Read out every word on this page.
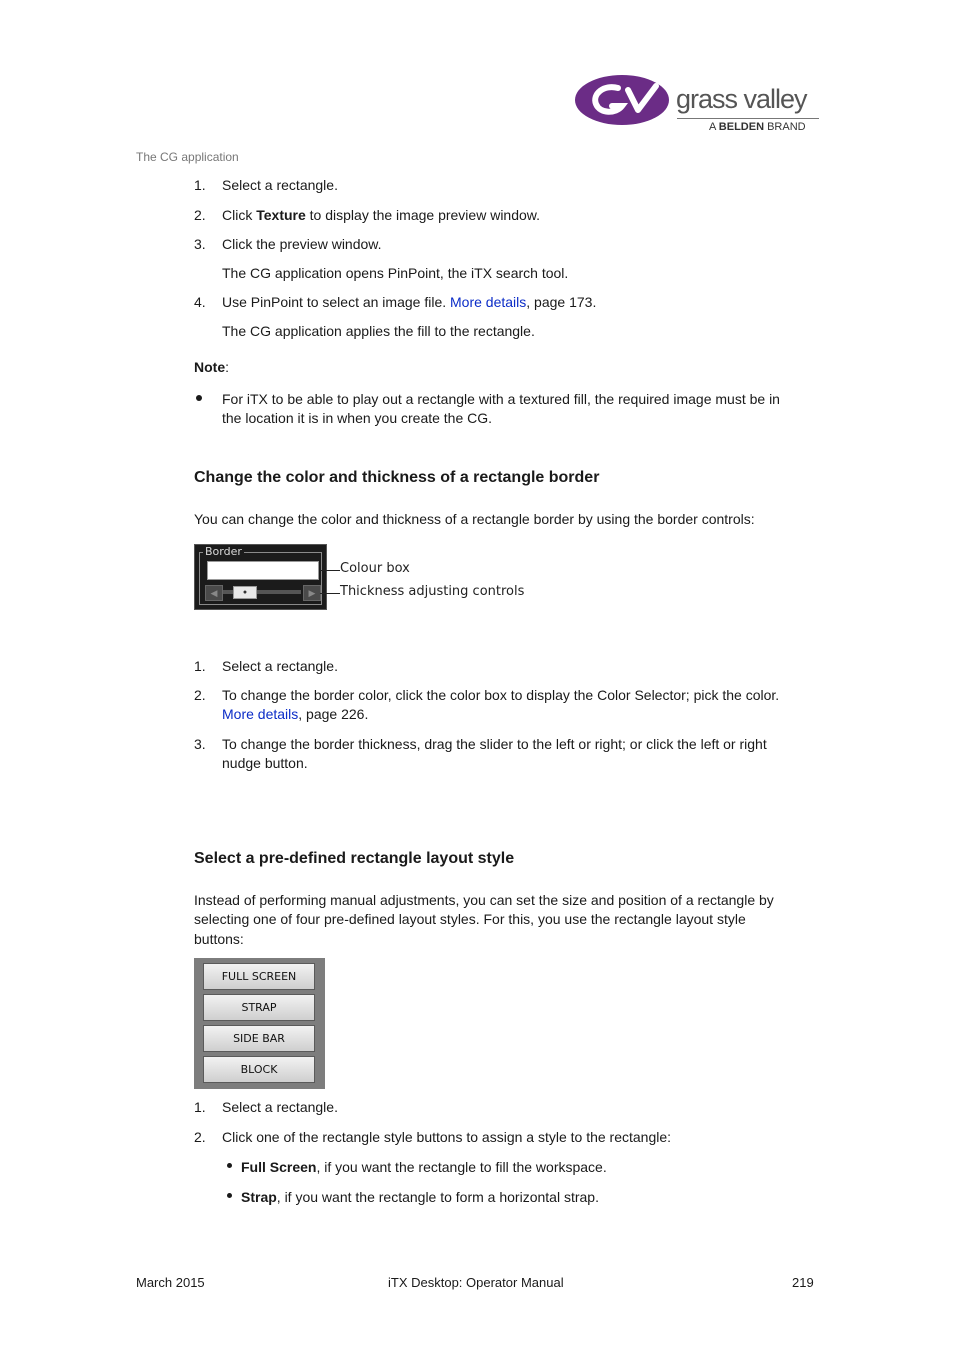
grass valley
A BELDEN BRAND
The CG application
1. Select a rectangle.
2. Click Texture to display the image preview window.
3. Click the preview window.
The CG application opens PinPoint, the iTX search tool.
4. Use PinPoint to select an image file. More details, page 173.
The CG application applies the fill to the rectangle.
Note:
For iTX to be able to play out a rectangle with a textured fill, the required image must be in
the location it is in when you create the CG.
Change the color and thickness of a rectangle border
You can change the color and thickness of a rectangle border by using the border controls:
Border
◀	●	▶
Colour box
Thickness adjusting controls
1. Select a rectangle.
2. To change the border color, click the color box to display the Color Selector; pick the color.
More details, page 226.
3. To change the border thickness, drag the slider to the left or right; or click the left or right
nudge button.
Select a pre-defined rectangle layout style
Instead of performing manual adjustments, you can set the size and position of a rectangle by
selecting one of four pre-defined layout styles. For this, you use the rectangle layout style
buttons:
FULL SCREEN
STRAP
SIDE BAR
BLOCK
1. Select a rectangle.
2. Click one of the rectangle style buttons to assign a style to the rectangle:
Full Screen, if you want the rectangle to fill the workspace.
Strap, if you want the rectangle to form a horizontal strap.
March 2015	iTX Desktop: Operator Manual	219
